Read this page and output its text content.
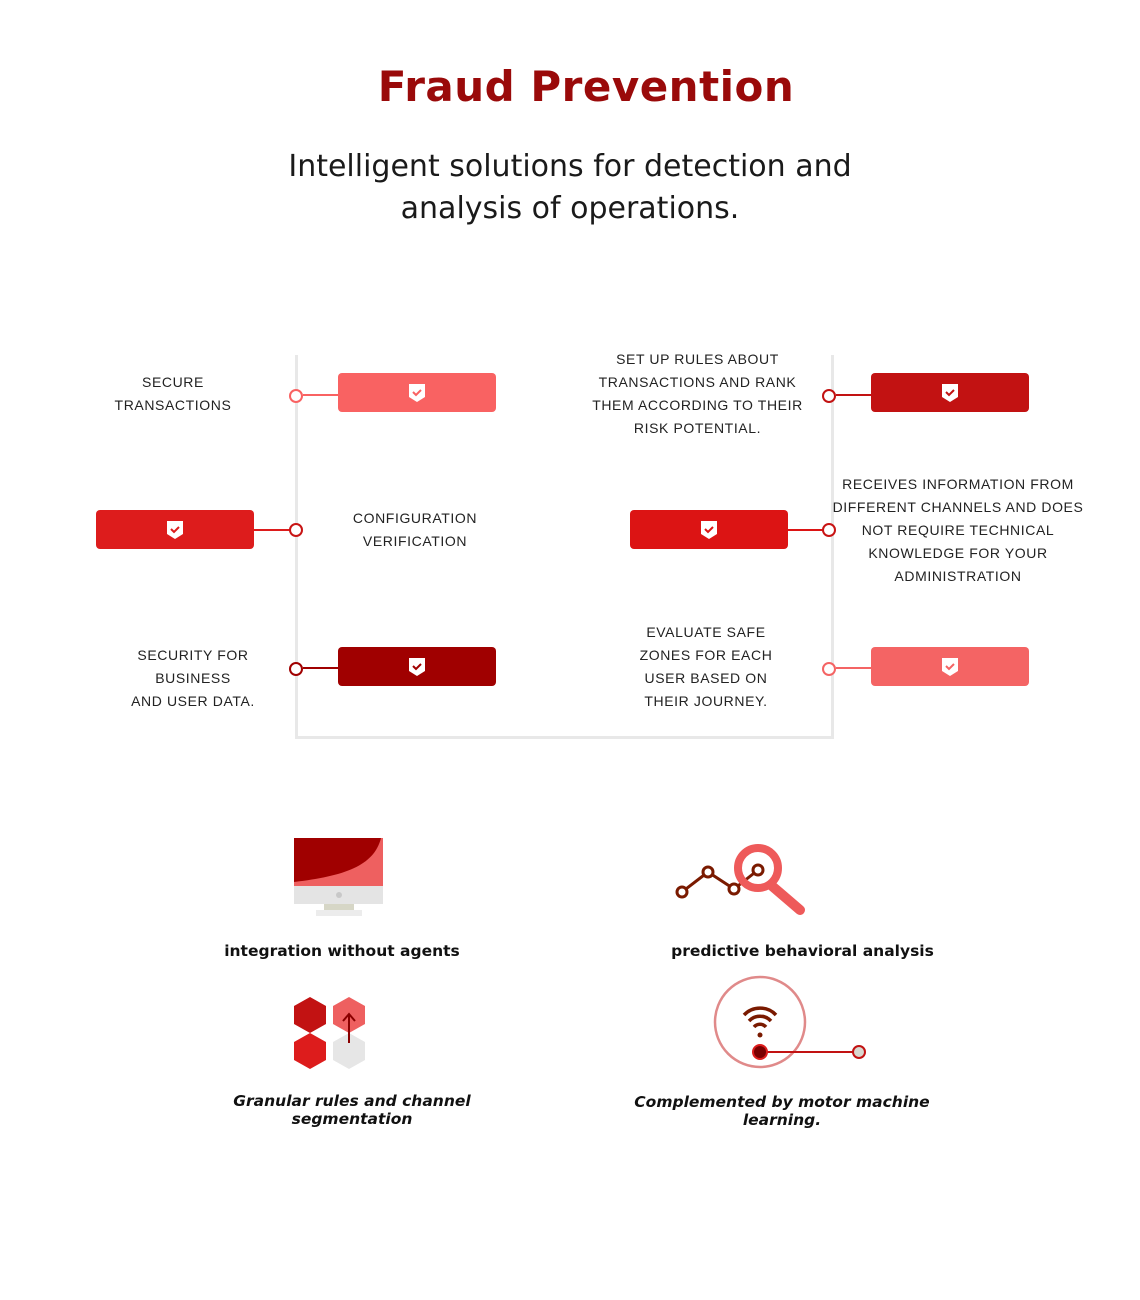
Fraud Prevention
Intelligent solutions for detection and
analysis of operations.
SECURE
TRANSACTIONS
CONFIGURATION
VERIFICATION
SECURITY FOR BUSINESS
AND USER DATA.
SET UP RULES ABOUT
TRANSACTIONS AND RANK
THEM ACCORDING TO THEIR
RISK POTENTIAL.
RECEIVES INFORMATION FROM
DIFFERENT CHANNELS AND DOES
NOT REQUIRE TECHNICAL
KNOWLEDGE FOR YOUR
ADMINISTRATION
EVALUATE SAFE
ZONES FOR EACH
USER BASED ON
THEIR JOURNEY.
integration without agents	predictive behavioral analysis
Granular rules and channel segmentation
Complemented by motor machine learning.
